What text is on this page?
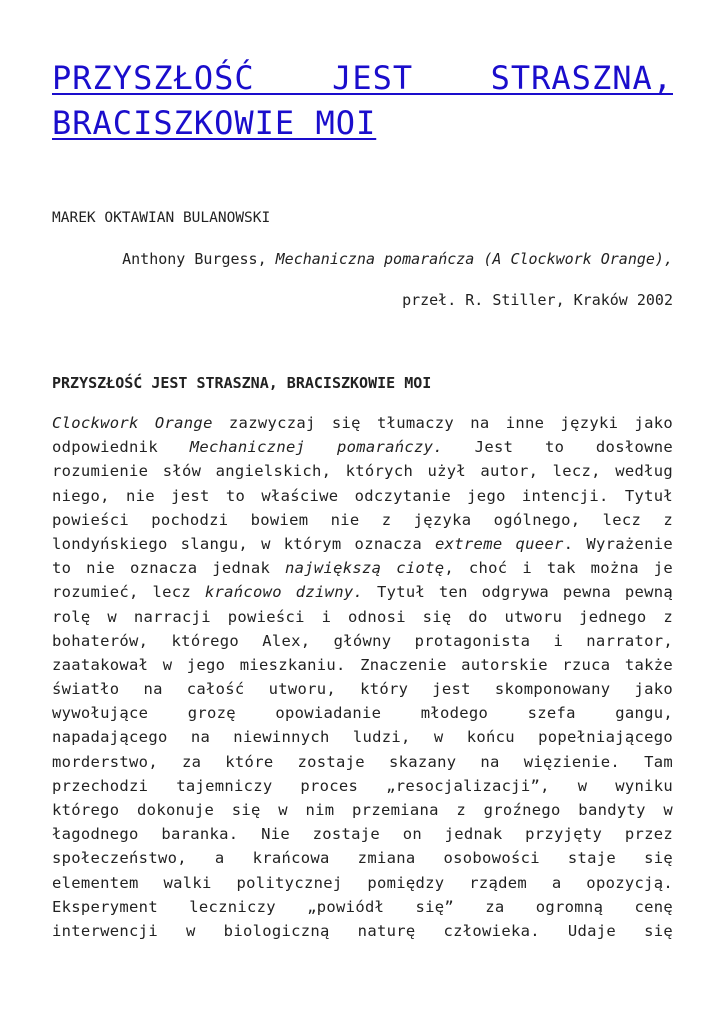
PRZYSZŁOŚĆ JEST STRASZNA, BRACISZKOWIE MOI

MAREK OKTAWIAN BULANOWSKI

Anthony Burgess, Mechaniczna pomarańcza (A Clockwork Orange),

przeł. R. Stiller, Kraków 2002

PRZYSZŁOŚĆ JEST STRASZNA, BRACISZKOWIE MOI

Clockwork Orange zazwyczaj się tłumaczy na inne języki jako
odpowiednik Mechanicznej pomarańczy. Jest to dosłowne
rozumienie słów angielskich, których użył autor, lecz, według
niego, nie jest to właściwe odczytanie jego intencji. Tytuł
powieści pochodzi bowiem nie z języka ogólnego, lecz z
londyńskiego slangu, w którym oznacza extreme queer. Wyrażenie
to nie oznacza jednak największą ciotę, choć i tak można je
rozumieć, lecz krańcowo dziwny. Tytuł ten odgrywa pewna pewną
rolę w narracji powieści i odnosi się do utworu jednego z
bohaterów, którego Alex, główny protagonista i narrator,
zaatakował w jego mieszkaniu. Znaczenie autorskie rzuca także
światło na całość utworu, który jest skomponowany jako
wywołujące grozę opowiadanie młodego szefa gangu,
napadającego na niewinnych ludzi, w końcu popełniającego
morderstwo, za które zostaje skazany na więzienie. Tam
przechodzi tajemniczy proces „resocjalizacji”, w wyniku
którego dokonuje się w nim przemiana z groźnego bandyty w
łagodnego baranka. Nie zostaje on jednak przyjęty przez
społeczeństwo, a krańcowa zmiana osobowości staje się
elementem walki politycznej pomiędzy rządem a opozycją.
Eksperyment leczniczy „powiódł się” za ogromną cenę
interwencji w biologiczną naturę człowieka. Udaje się
